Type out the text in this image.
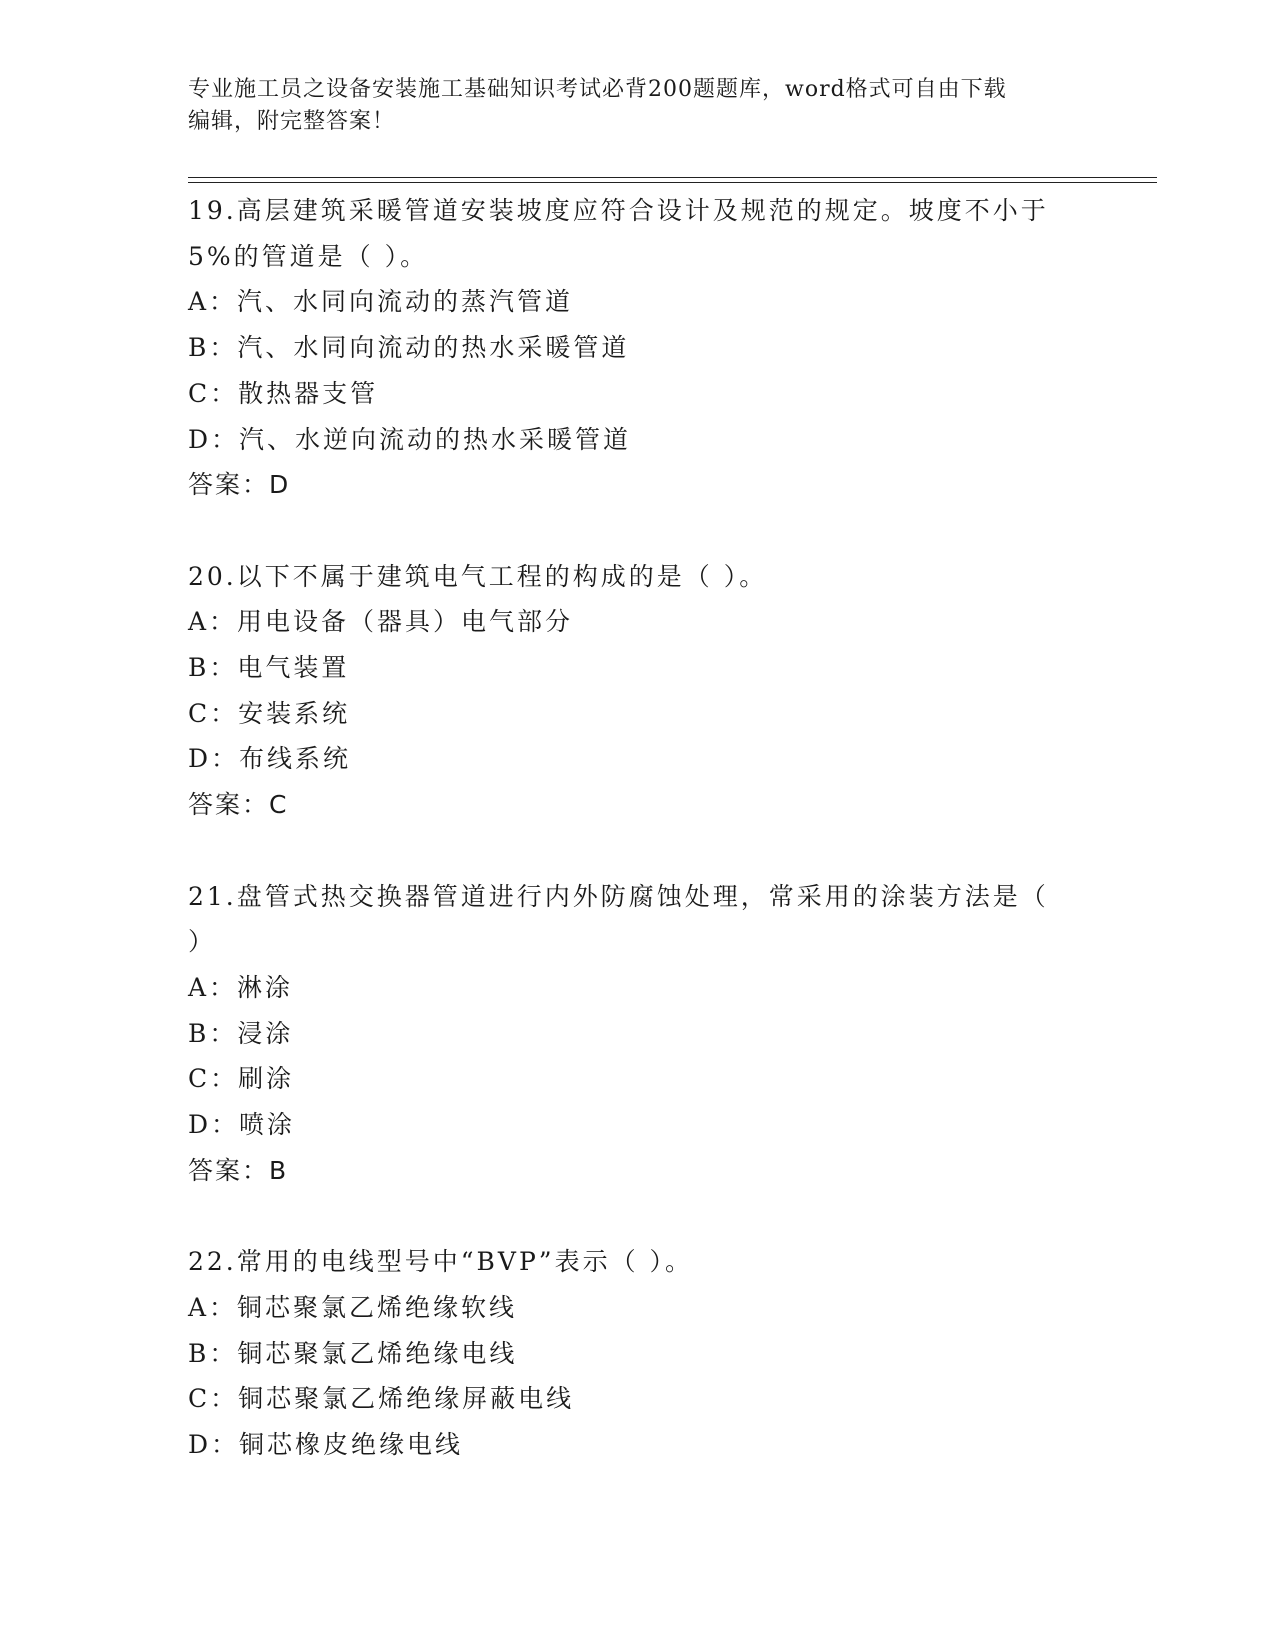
专业施工员之设备安装施工基础知识考试必背200题题库，word格式可自由下载
编辑，附完整答案！
19.高层建筑采暖管道安装坡度应符合设计及规范的规定。坡度不小于
5%的管道是（ ）。
A：汽、水同向流动的蒸汽管道
B：汽、水同向流动的热水采暖管道
C：散热器支管
D：汽、水逆向流动的热水采暖管道
答案：D
20.以下不属于建筑电气工程的构成的是（ ）。
A：用电设备（器具）电气部分
B：电气装置
C：安装系统
D：布线系统
答案：C
21.盘管式热交换器管道进行内外防腐蚀处理，常采用的涂装方法是（
）
A：淋涂
B：浸涂
C：刷涂
D：喷涂
答案：B
22.常用的电线型号中“BVP”表示（ ）。
A：铜芯聚氯乙烯绝缘软线
B：铜芯聚氯乙烯绝缘电线
C：铜芯聚氯乙烯绝缘屏蔽电线
D：铜芯橡皮绝缘电线
